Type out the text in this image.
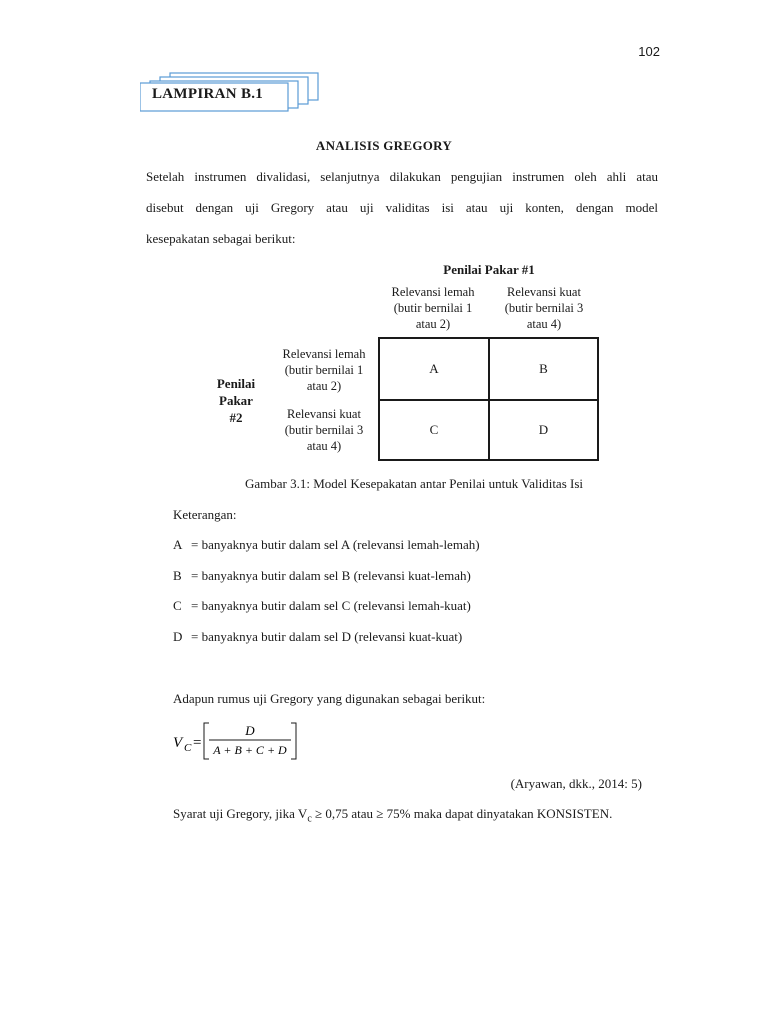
102
LAMPIRAN B.1
ANALISIS GREGORY
Setelah instrumen divalidasi, selanjutnya dilakukan pengujian instrumen oleh ahli atau
disebut dengan uji Gregory atau uji validitas isi atau uji konten, dengan model
kesepakatan sebagai berikut:
Penilai Pakar #1
Relevansi lemah
(butir bernilai 1
atau 2)
Relevansi kuat
(butir bernilai 3
atau 4)
Penilai
Pakar
#2
Relevansi lemah
(butir bernilai 1
atau 2)
Relevansi kuat
(butir bernilai 3
atau 4)
A	B
C	D
Gambar 3.1: Model Kesepakatan antar Penilai untuk Validitas Isi
Keterangan:
A = banyaknya butir dalam sel A (relevansi lemah-lemah)
B = banyaknya butir dalam sel B (relevansi kuat-lemah)
C = banyaknya butir dalam sel C (relevansi lemah-kuat)
D = banyaknya butir dalam sel D (relevansi kuat-kuat)
Adapun rumus uji Gregory yang digunakan sebagai berikut:
V C =
D
A + B + C + D
(Aryawan, dkk., 2014: 5)
Syarat uji Gregory, jika $V_c \ge 0,75$ atau ≥ 75% maka dapat dinyatakan KONSISTEN.
